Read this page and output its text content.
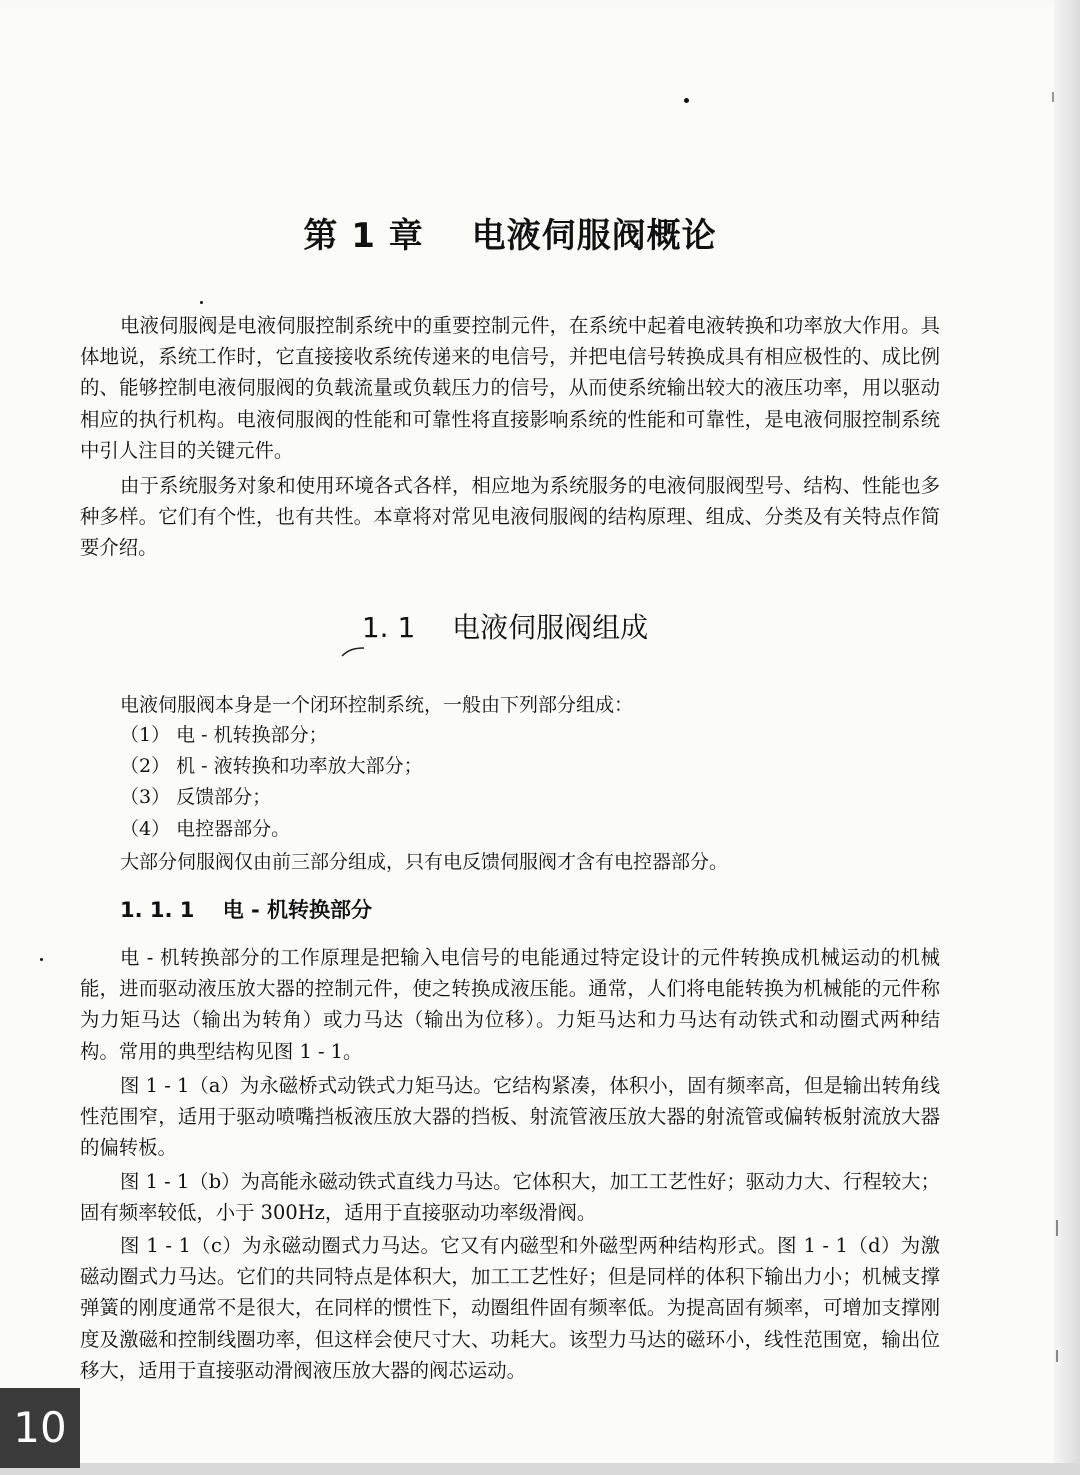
第 1 章　 电液伺服阀概论

电液伺服阀是电液伺服控制系统中的重要控制元件，在系统中起着电液转换和功率放大作用。具体地说，系统工作时，它直接接收系统传递来的电信号，并把电信号转换成具有相应极性的、成比例的、能够控制电液伺服阀的负载流量或负载压力的信号，从而使系统输出较大的液压功率，用以驱动相应的执行机构。电液伺服阀的性能和可靠性将直接影响系统的性能和可靠性，是电液伺服控制系统中引人注目的关键元件。

由于系统服务对象和使用环境各式各样，相应地为系统服务的电液伺服阀型号、结构、性能也多种多样。它们有个性，也有共性。本章将对常见电液伺服阀的结构原理、组成、分类及有关特点作简要介绍。

1. 1　 电液伺服阀组成

电液伺服阀本身是一个闭环控制系统，一般由下列部分组成：

（1） 电 - 机转换部分；
（2） 机 - 液转换和功率放大部分；
（3） 反馈部分；
（4） 电控器部分。

大部分伺服阀仅由前三部分组成，只有电反馈伺服阀才含有电控器部分。

1. 1. 1　 电 - 机转换部分

电 - 机转换部分的工作原理是把输入电信号的电能通过特定设计的元件转换成机械运动的机械能，进而驱动液压放大器的控制元件，使之转换成液压能。通常，人们将电能转换为机械能的元件称为力矩马达（输出为转角）或力马达（输出为位移）。力矩马达和力马达有动铁式和动圈式两种结构。常用的典型结构见图 1 - 1。

图 1 - 1（a）为永磁桥式动铁式力矩马达。它结构紧凑，体积小，固有频率高，但是输出转角线性范围窄，适用于驱动喷嘴挡板液压放大器的挡板、射流管液压放大器的射流管或偏转板射流放大器的偏转板。

图 1 - 1（b）为高能永磁动铁式直线力马达。它体积大，加工工艺性好；驱动力大、行程较大；固有频率较低，小于 300Hz，适用于直接驱动功率级滑阀。

图 1 - 1（c）为永磁动圈式力马达。它又有内磁型和外磁型两种结构形式。图 1 - 1（d）为激磁动圈式力马达。它们的共同特点是体积大，加工工艺性好；但是同样的体积下输出力小；机械支撑弹簧的刚度通常不是很大，在同样的惯性下，动圈组件固有频率低。为提高固有频率，可增加支撑刚度及激磁和控制线圈功率，但这样会使尺寸大、功耗大。该型力马达的磁环小，线性范围宽，输出位移大，适用于直接驱动滑阀液压放大器的阀芯运动。

10
